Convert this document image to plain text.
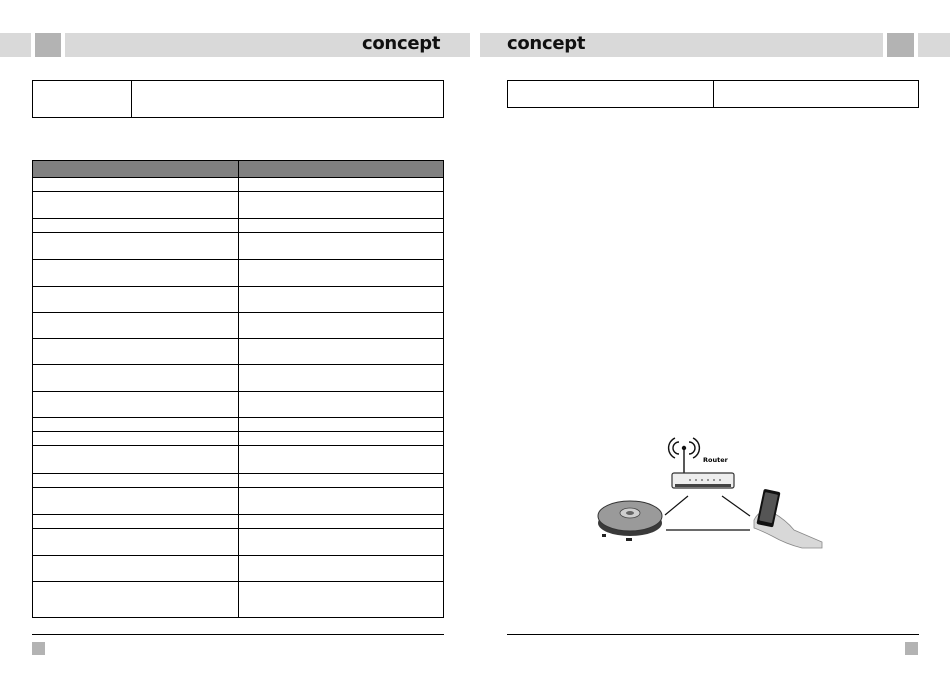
concept	concept

Router
